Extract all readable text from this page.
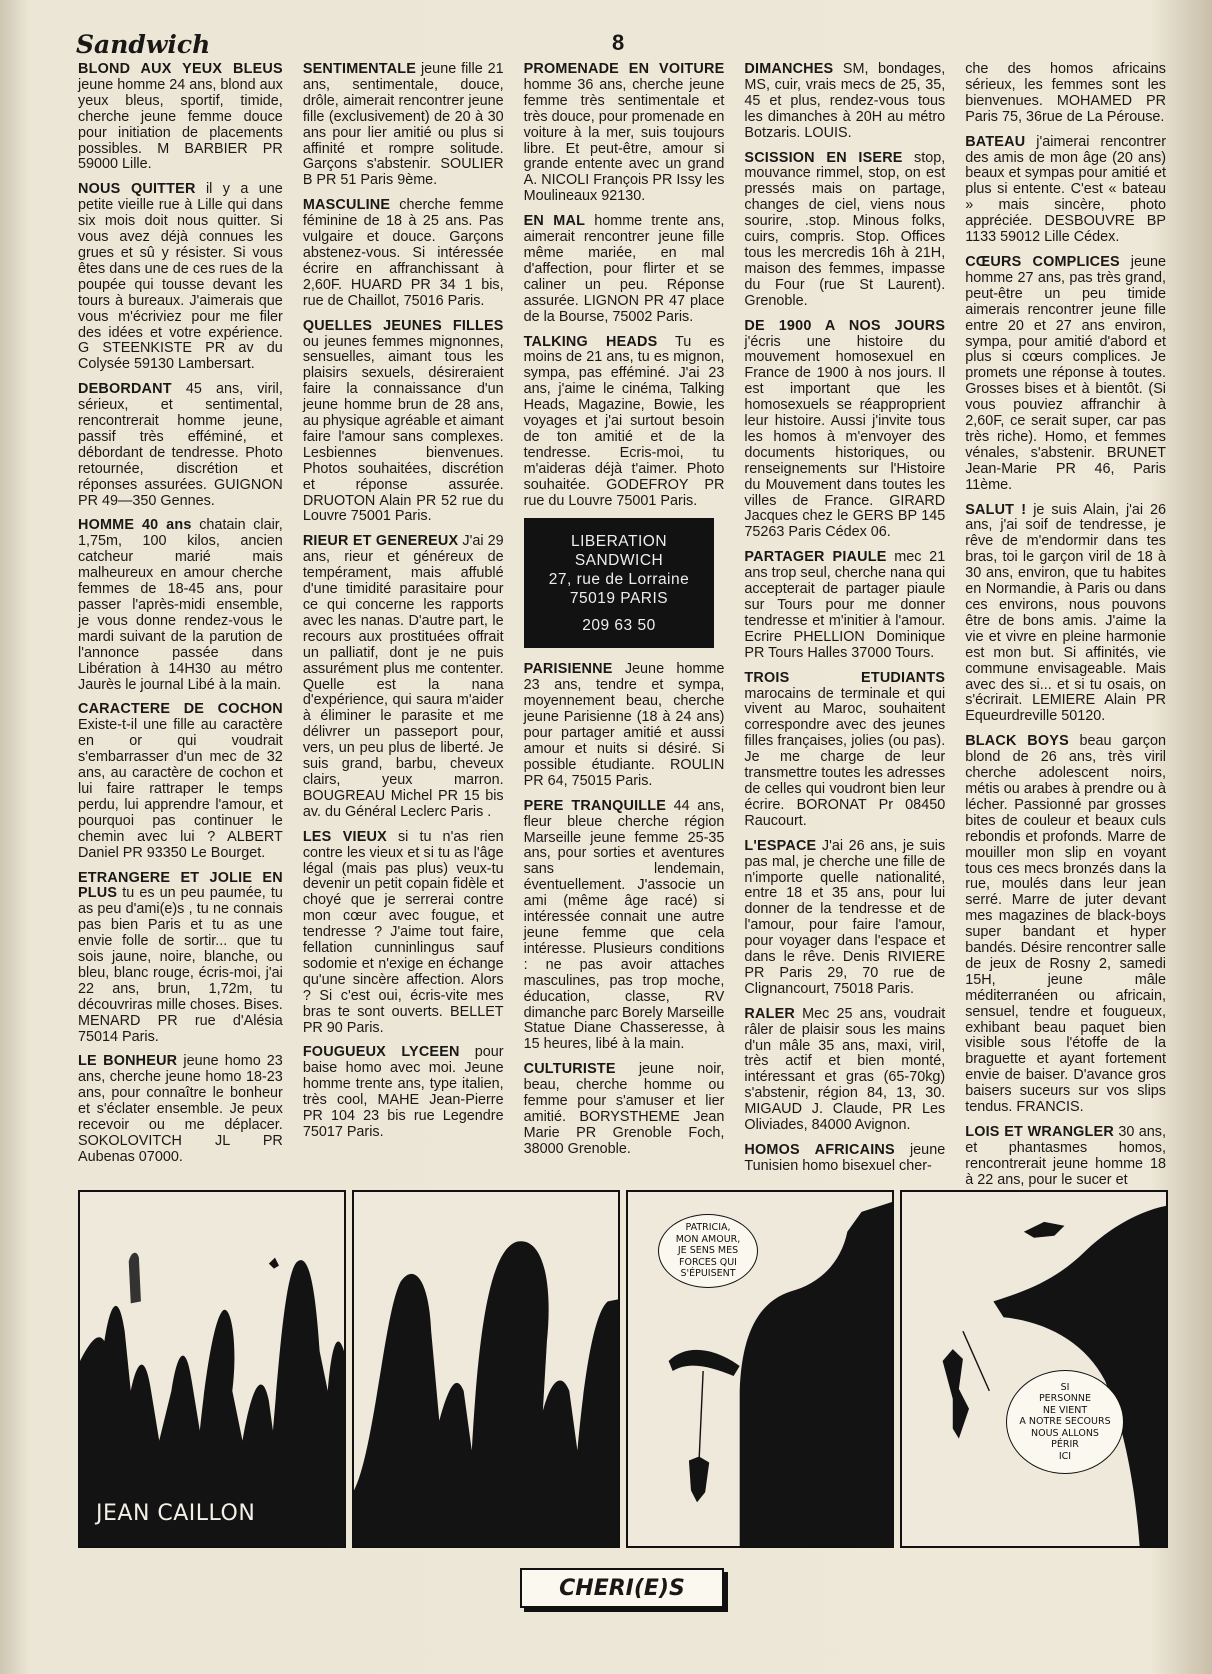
Sandwich	8

BLOND AUX YEUX BLEUS jeune homme 24 ans, blond aux yeux bleus, sportif, timide, cherche jeune femme douce pour initiation de placements possibles. M BARBIER PR 59000 Lille.

NOUS QUITTER il y a une petite vieille rue à Lille qui dans six mois doit nous quitter. Si vous avez déjà connues les grues et sû y résister. Si vous êtes dans une de ces rues de la poupée qui tousse devant les tours à bureaux. J'aimerais que vous m'écriviez pour me filer des idées et votre expérience. G STEENKISTE PR av du Colysée 59130 Lambersart.

DEBORDANT 45 ans, viril, sérieux, et sentimental, rencontrerait homme jeune, passif très efféminé, et débordant de tendresse. Photo retournée, discrétion et réponses assurées. GUIGNON PR 49—350 Gennes.

HOMME 40 ans chatain clair, 1,75m, 100 kilos, ancien catcheur marié mais malheureux en amour cherche femmes de 18-45 ans, pour passer l'après-midi ensemble, je vous donne rendez-vous le mardi suivant de la parution de l'annonce passée dans Libération à 14H30 au métro Jaurès le journal Libé à la main.

CARACTERE DE COCHON Existe-t-il une fille au caractère en or qui voudrait s'embarrasser d'un mec de 32 ans, au caractère de cochon et lui faire rattraper le temps perdu, lui apprendre l'amour, et pourquoi pas continuer le chemin avec lui ? ALBERT Daniel PR 93350 Le Bourget.

ETRANGERE ET JOLIE EN PLUS tu es un peu paumée, tu as peu d'ami(e)s , tu ne connais pas bien Paris et tu as une envie folle de sortir... que tu sois jaune, noire, blanche, ou bleu, blanc rouge, écris-moi, j'ai 22 ans, brun, 1,72m, tu découvriras mille choses. Bises. MENARD PR rue d'Alésia 75014 Paris.

LE BONHEUR jeune homo 23 ans, cherche jeune homo 18-23 ans, pour connaître le bonheur et s'éclater ensemble. Je peux recevoir ou me déplacer. SOKOLOVITCH JL PR Aubenas 07000.

SENTIMENTALE jeune fille 21 ans, sentimentale, douce, drôle, aimerait rencontrer jeune fille (exclusivement) de 20 à 30 ans pour lier amitié ou plus si affinité et rompre solitude. Garçons s'abstenir. SOULIER B PR 51 Paris 9ème.

MASCULINE cherche femme féminine de 18 à 25 ans. Pas vulgaire et douce. Garçons abstenez-vous. Si intéressée écrire en affranchissant à 2,60F. HUARD PR 34 1 bis, rue de Chaillot, 75016 Paris.

QUELLES JEUNES FILLES ou jeunes femmes mignonnes, sensuelles, aimant tous les plaisirs sexuels, désireraient faire la connaissance d'un jeune homme brun de 28 ans, au physique agréable et aimant faire l'amour sans complexes. Lesbiennes bienvenues. Photos souhaitées, discrétion et réponse assurée. DRUOTON Alain PR 52 rue du Louvre 75001 Paris.

RIEUR ET GENEREUX J'ai 29 ans, rieur et généreux de tempérament, mais affublé d'une timidité parasitaire pour ce qui concerne les rapports avec les nanas. D'autre part, le recours aux prostituées offrait un palliatif, dont je ne puis assurément plus me contenter. Quelle est la nana d'expérience, qui saura m'aider à éliminer le parasite et me délivrer un passeport pour, vers, un peu plus de liberté. Je suis grand, barbu, cheveux clairs, yeux marron. BOUGREAU Michel PR 15 bis av. du Général Leclerc Paris .

LES VIEUX si tu n'as rien contre les vieux et si tu as l'âge légal (mais pas plus) veux-tu devenir un petit copain fidèle et choyé que je serrerai contre mon cœur avec fougue, et tendresse ? J'aime tout faire, fellation cunninlingus sauf sodomie et n'exige en échange qu'une sincère affection. Alors ? Si c'est oui, écris-vite mes bras te sont ouverts. BELLET PR 90 Paris.

FOUGUEUX LYCEEN pour baise homo avec moi. Jeune homme trente ans, type italien, très cool, MAHE Jean-Pierre PR 104 23 bis rue Legendre 75017 Paris.

PROMENADE EN VOITURE homme 36 ans, cherche jeune femme très sentimentale et très douce, pour promenade en voiture à la mer, suis toujours libre. Et peut-être, amour si grande entente avec un grand A. NICOLI François PR Issy les Moulineaux 92130.

EN MAL homme trente ans, aimerait rencontrer jeune fille même mariée, en mal d'affection, pour flirter et se caliner un peu. Réponse assurée. LIGNON PR 47 place de la Bourse, 75002 Paris.

TALKING HEADS Tu es moins de 21 ans, tu es mignon, sympa, pas efféminé. J'ai 23 ans, j'aime le cinéma, Talking Heads, Magazine, Bowie, les voyages et j'ai surtout besoin de ton amitié et de la tendresse. Ecris-moi, tu m'aideras déjà t'aimer. Photo souhaitée. GODEFROY PR rue du Louvre 75001 Paris.

LIBERATION
SANDWICH
27, rue de Lorraine
75019 PARIS
209 63 50

PARISIENNE Jeune homme 23 ans, tendre et sympa, moyennement beau, cherche jeune Parisienne (18 à 24 ans) pour partager amitié et aussi amour et nuits si désiré. Si possible étudiante. ROULIN PR 64, 75015 Paris.

PERE TRANQUILLE 44 ans, fleur bleue cherche région Marseille jeune femme 25-35 ans, pour sorties et aventures sans lendemain, éventuellement. J'associe un ami (même âge racé) si intéressée connait une autre jeune femme que cela intéresse. Plusieurs conditions : ne pas avoir attaches masculines, pas trop moche, éducation, classe, RV dimanche parc Borely Marseille Statue Diane Chasseresse, à 15 heures, libé à la main.

CULTURISTE jeune noir, beau, cherche homme ou femme pour s'amuser et lier amitié. BORYSTHEME Jean Marie PR Grenoble Foch, 38000 Grenoble.

DIMANCHES SM, bondages, MS, cuir, vrais mecs de 25, 35, 45 et plus, rendez-vous tous les dimanches à 20H au métro Botzaris. LOUIS.

SCISSION EN ISERE stop, mouvance rimmel, stop, on est pressés mais on partage, changes de ciel, viens nous sourire, .stop. Minous folks, cuirs, compris. Stop. Offices tous les mercredis 16h à 21H, maison des femmes, impasse du Four (rue St Laurent). Grenoble.

DE 1900 A NOS JOURS j'écris une histoire du mouvement homosexuel en France de 1900 à nos jours. Il est important que les homosexuels se réapproprient leur histoire. Aussi j'invite tous les homos à m'envoyer des documents historiques, ou renseignements sur l'Histoire du Mouvement dans toutes les villes de France. GIRARD Jacques chez le GERS BP 145 75263 Paris Cédex 06.

PARTAGER PIAULE mec 21 ans trop seul, cherche nana qui accepterait de partager piaule sur Tours pour me donner tendresse et m'initier à l'amour. Ecrire PHELLION Dominique PR Tours Halles 37000 Tours.

TROIS ETUDIANTS marocains de terminale et qui vivent au Maroc, souhaitent correspondre avec des jeunes filles françaises, jolies (ou pas). Je me charge de leur transmettre toutes les adresses de celles qui voudront bien leur écrire. BORONAT Pr 08450 Raucourt.

L'ESPACE J'ai 26 ans, je suis pas mal, je cherche une fille de n'importe quelle nationalité, entre 18 et 35 ans, pour lui donner de la tendresse et de l'amour, pour faire l'amour, pour voyager dans l'espace et dans le rêve. Denis RIVIERE PR Paris 29, 70 rue de Clignancourt, 75018 Paris.

RALER Mec 25 ans, voudrait râler de plaisir sous les mains d'un mâle 35 ans, maxi, viril, très actif et bien monté, intéressant et gras (65-70kg) s'abstenir, région 84, 13, 30. MIGAUD J. Claude, PR Les Oliviades, 84000 Avignon.

HOMOS AFRICAINS jeune Tunisien homo bisexuel cher-

che des homos africains sérieux, les femmes sont les bienvenues. MOHAMED PR Paris 75, 36rue de La Pérouse.

BATEAU j'aimerai rencontrer des amis de mon âge (20 ans) beaux et sympas pour amitié et plus si entente. C'est « bateau » mais sincère, photo appréciée. DESBOUVRE BP 1133 59012 Lille Cédex.

CŒURS COMPLICES jeune homme 27 ans, pas très grand, peut-être un peu timide aimerais rencontrer jeune fille entre 20 et 27 ans environ, sympa, pour amitié d'abord et plus si cœurs complices. Je promets une réponse à toutes. Grosses bises et à bientôt. (Si vous pouviez affranchir à 2,60F, ce serait super, car pas très riche). Homo, et femmes vénales, s'abstenir. BRUNET Jean-Marie PR 46, Paris 11ème.

SALUT ! je suis Alain, j'ai 26 ans, j'ai soif de tendresse, je rêve de m'endormir dans tes bras, toi le garçon viril de 18 à 30 ans, environ, que tu habites en Normandie, à Paris ou dans ces environs, nous pouvons être de bons amis. J'aime la vie et vivre en pleine harmonie est mon but. Si affinités, vie commune envisageable. Mais avec des si... et si tu osais, on s'écrirait. LEMIERE Alain PR Equeurdreville 50120.

BLACK BOYS beau garçon blond de 26 ans, très viril cherche adolescent noirs, métis ou arabes à prendre ou à lécher. Passionné par grosses bites de couleur et beaux culs rebondis et profonds. Marre de mouiller mon slip en voyant tous ces mecs bronzés dans la rue, moulés dans leur jean serré. Marre de juter devant mes magazines de black-boys super bandant et hyper bandés. Désire rencontrer salle de jeux de Rosny 2, samedi 15H, jeune mâle méditerranéen ou africain, sensuel, tendre et fougueux, exhibant beau paquet bien visible sous l'étoffe de la braguette et ayant fortement envie de baiser. D'avance gros baisers suceurs sur vos slips tendus. FRANCIS.

LOIS ET WRANGLER 30 ans, et phantasmes homos, rencontrerait jeune homme 18 à 22 ans, pour le sucer et

JEAN CAILLON
PATRICIA,
MON AMOUR,
JE SENS MES
FORCES QUI
S'ÉPUISENT
SI
PERSONNE
NE VIENT
A NOTRE SECOURS
NOUS ALLONS
PÉRIR
ICI
CHERI(E)S
